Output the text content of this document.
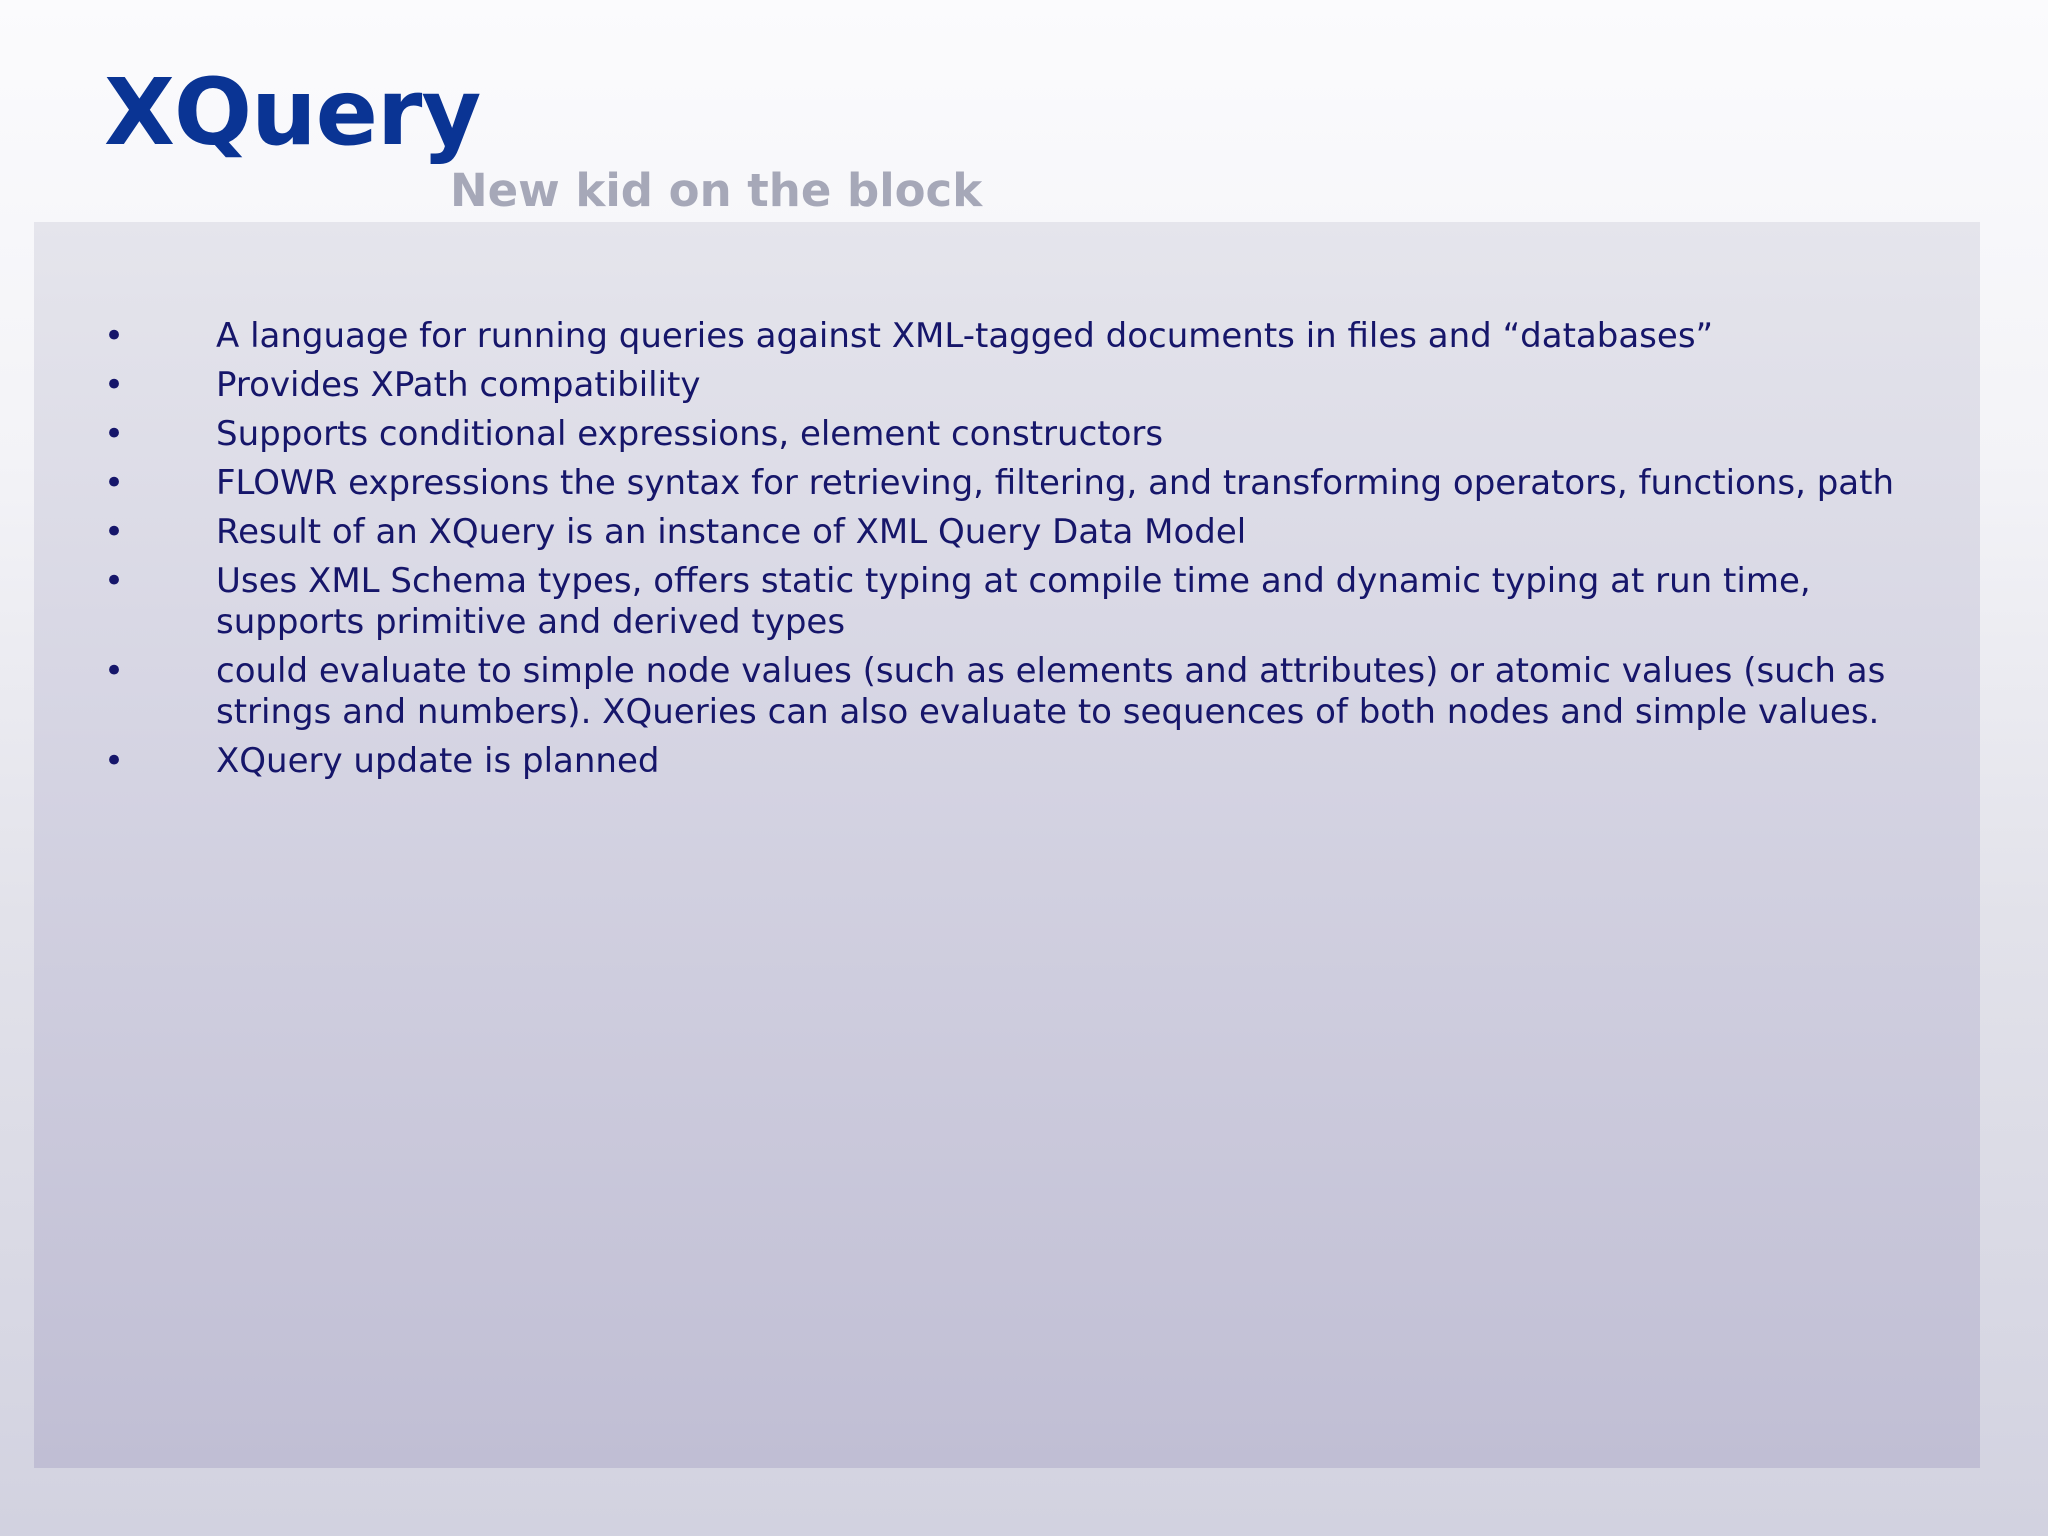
XQuery
New kid on the block
•	A language for running queries against XML-tagged documents in files and “databases”
•	Provides XPath compatibility
•	Supports conditional expressions, element constructors
•	FLOWR expressions the syntax for retrieving, filtering, and transforming operators, functions, path
•	Result of an XQuery is an instance of XML Query Data Model
•	Uses XML Schema types, offers static typing at compile time and dynamic typing at run time, supports primitive and derived types
•	could evaluate to simple node values (such as elements and attributes) or atomic values (such as strings and numbers). XQueries can also evaluate to sequences of both nodes and simple values.
•	XQuery update is planned
